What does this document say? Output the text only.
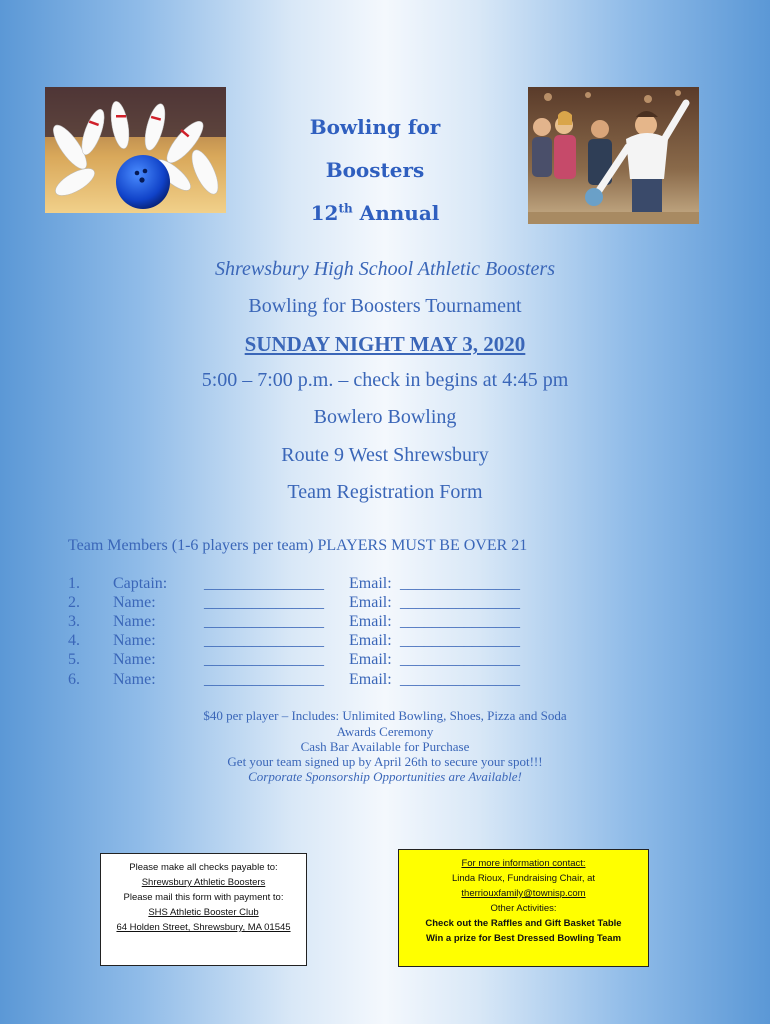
Bowling for
Boosters
12th Annual
Shrewsbury High School Athletic Boosters
Bowling for Boosters Tournament
SUNDAY NIGHT MAY 3, 2020
5:00 – 7:00 p.m. – check in begins at 4:45 pm
Bowlero Bowling
Route 9 West Shrewsbury
Team Registration Form
Team Members (1-6 players per team) PLAYERS MUST BE OVER 21
1. Captain: _______________ Email: _______________
2. Name:	_______________ Email: _______________
3. Name:	_______________ Email: _______________
4. Name:	_______________ Email: _______________
5. Name:	_______________ Email: _______________
6. Name:	_______________ Email: _______________
$40 per player – Includes: Unlimited Bowling, Shoes, Pizza and Soda
Awards Ceremony
Cash Bar Available for Purchase
Get your team signed up by April 26th to secure your spot!!!
Corporate Sponsorship Opportunities are Available!
Please make all checks payable to:
Shrewsbury Athletic Boosters
Please mail this form with payment to:
SHS Athletic Booster Club
64 Holden Street, Shrewsbury, MA 01545
For more information contact:
Linda Rioux, Fundraising Chair, at
therriouxfamily@townisp.com
Other Activities:
Check out the Raffles and Gift Basket Table
Win a prize for Best Dressed Bowling Team
